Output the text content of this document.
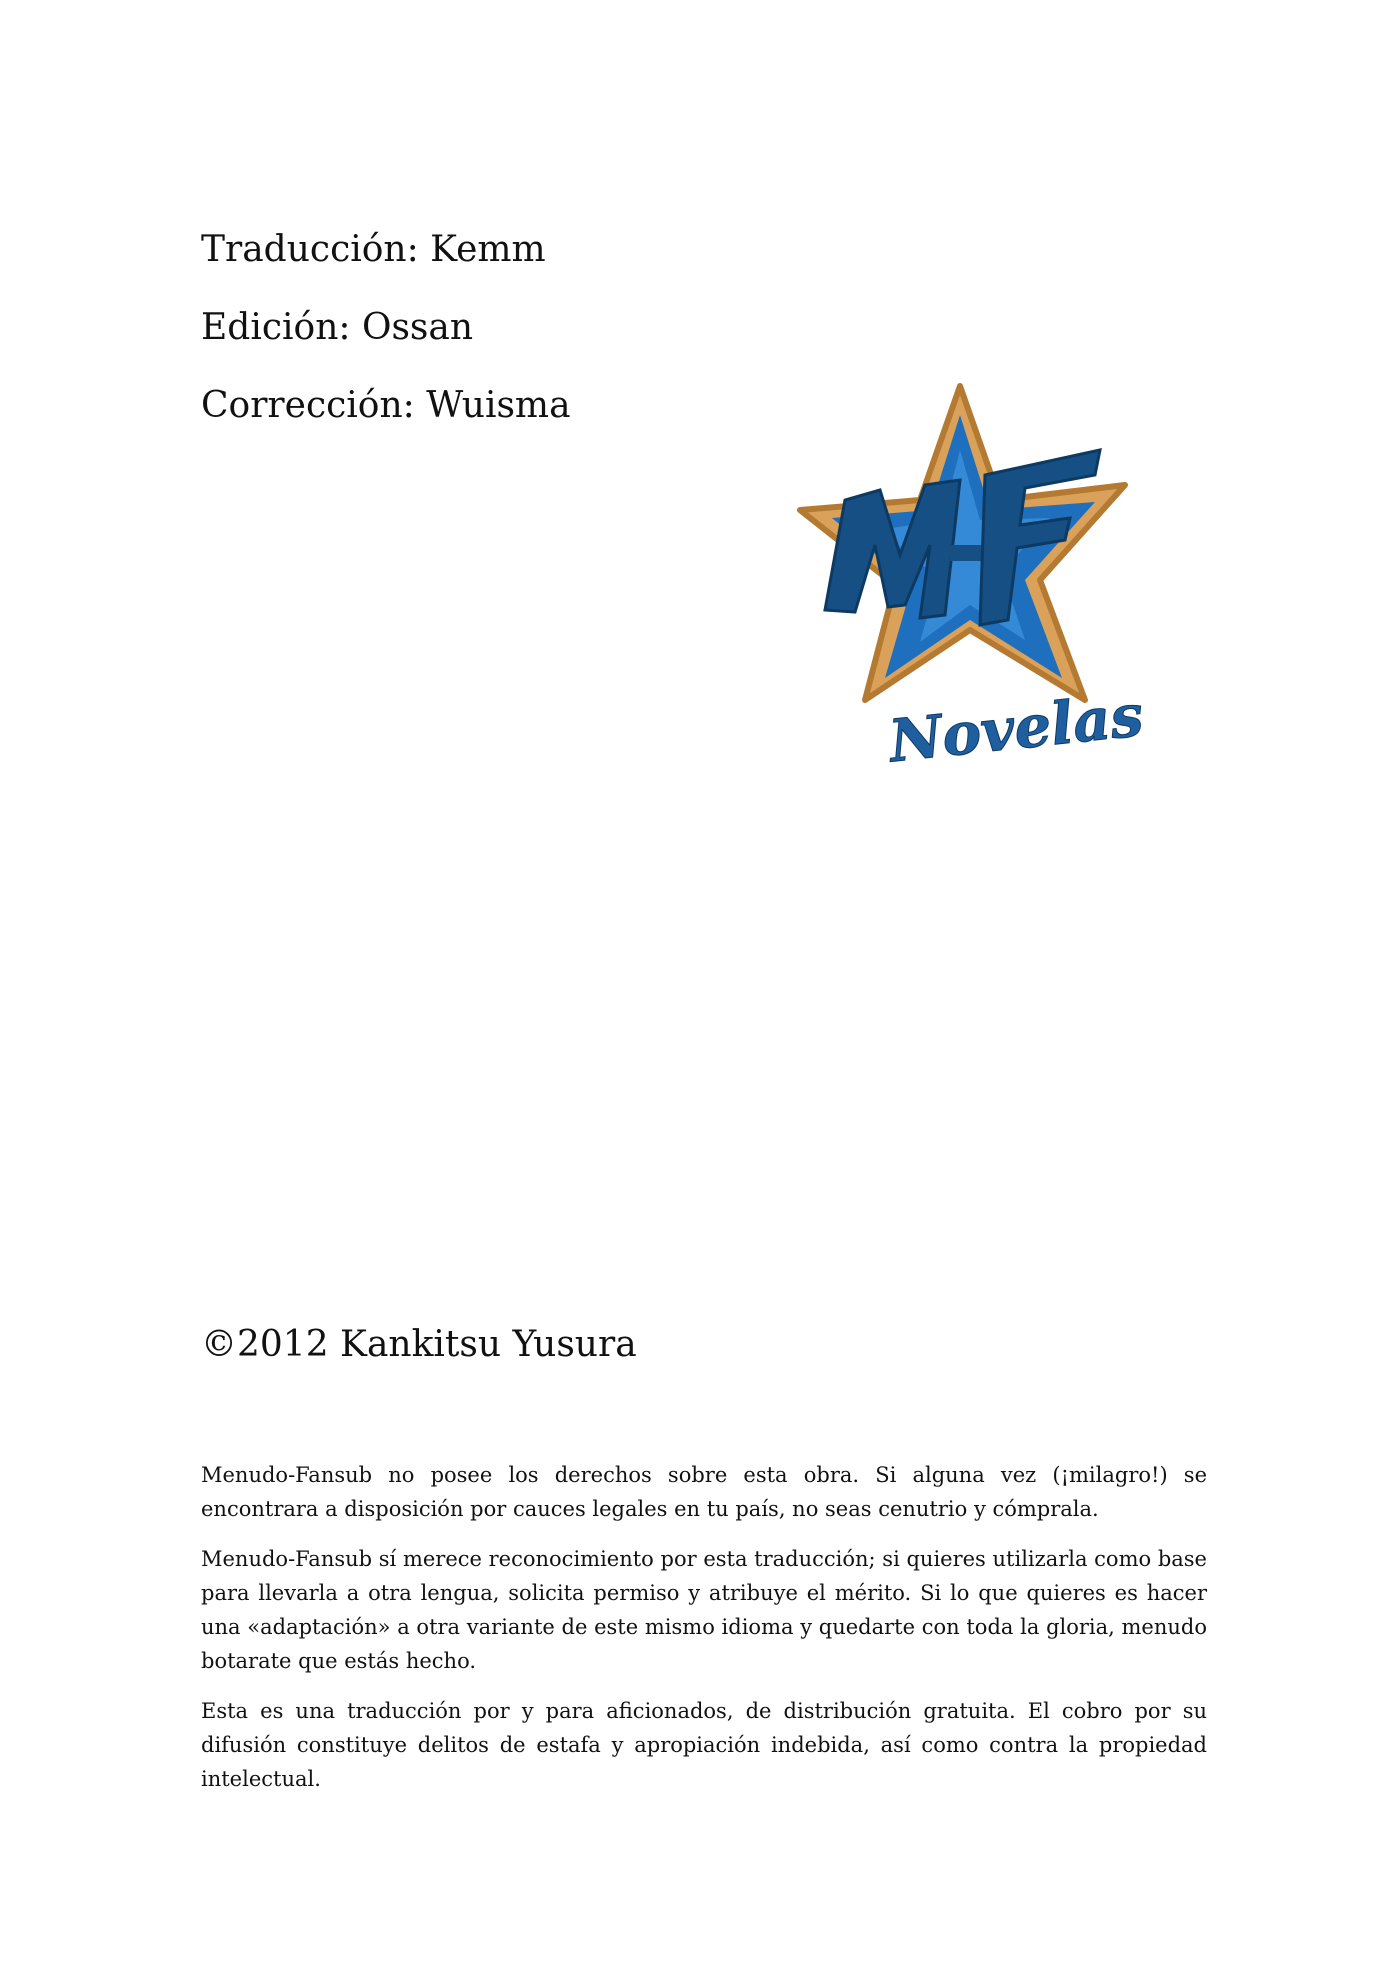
Traducción: Kemm
Edición: Ossan
Corrección: Wuisma
Novelas
©2012 Kankitsu Yusura

Menudo-Fansub no posee los derechos sobre esta obra. Si alguna vez (¡milagro!) se encontrara a disposición por cauces legales en tu país, no seas cenutrio y cómprala.

Menudo-Fansub sí merece reconocimiento por esta traducción; si quieres utilizarla como base para llevarla a otra lengua, solicita permiso y atribuye el mérito. Si lo que quieres es hacer una «adaptación» a otra variante de este mismo idioma y quedarte con toda la gloria, menudo botarate que estás hecho.

Esta es una traducción por y para aficionados, de distribución gratuita. El cobro por su difusión constituye delitos de estafa y apropiación indebida, así como contra la propiedad intelectual.
